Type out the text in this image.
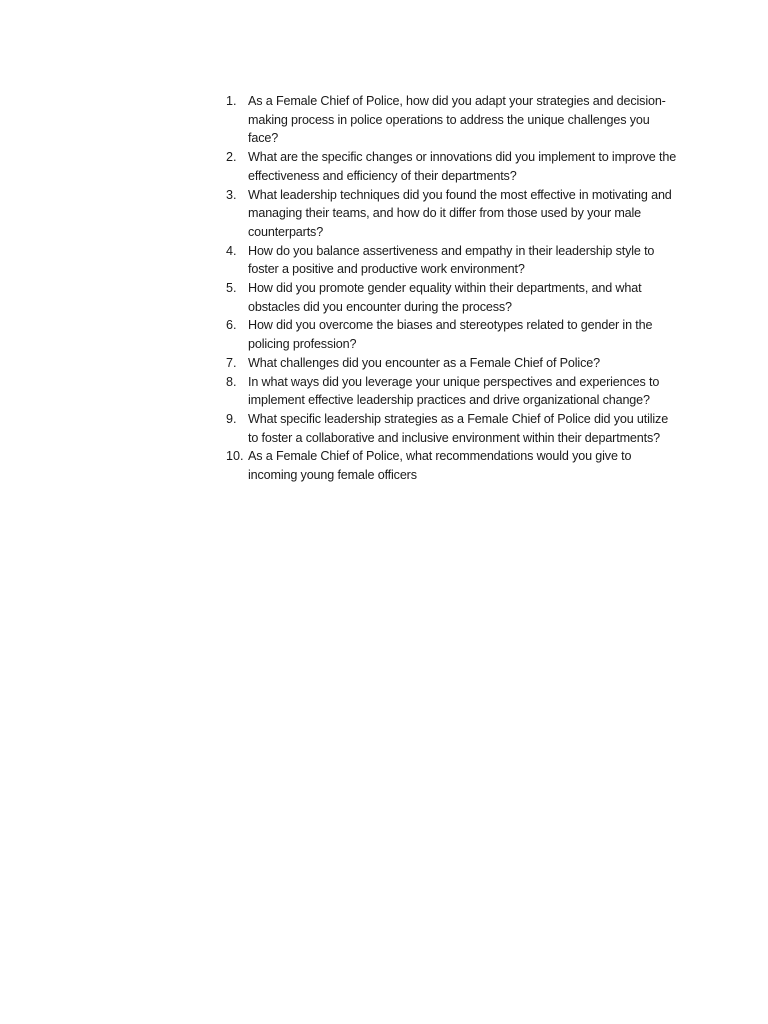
1. As a Female Chief of Police, how did you adapt your strategies and decision-making process in police operations to address the unique challenges you face?
2. What are the specific changes or innovations did you implement to improve the effectiveness and efficiency of their departments?
3. What leadership techniques did you found the most effective in motivating and managing their teams, and how do it differ from those used by your male counterparts?
4. How do you balance assertiveness and empathy in their leadership style to foster a positive and productive work environment?
5. How did you promote gender equality within their departments, and what obstacles did you encounter during the process?
6. How did you overcome the biases and stereotypes related to gender in the policing profession?
7. What challenges did you encounter as a Female Chief of Police?
8. In what ways did you leverage your unique perspectives and experiences to implement effective leadership practices and drive organizational change?
9. What specific leadership strategies as a Female Chief of Police did you utilize to foster a collaborative and inclusive environment within their departments?
10. As a Female Chief of Police, what recommendations would you give to incoming young female officers
